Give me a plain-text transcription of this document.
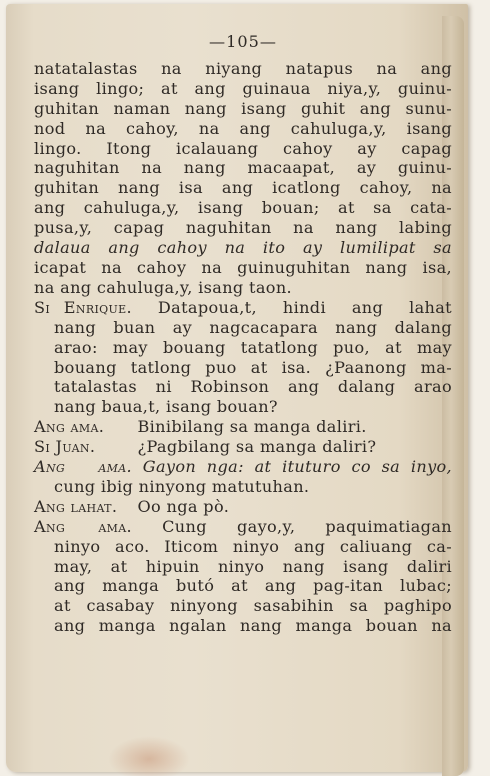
—105—
natatalastas na niyang natapus na ang
isang lingo; at ang guinaua niya,y, guinu-
guhitan naman nang isang guhit ang sunu-
nod na cahoy, na ang cahuluga,y, isang
lingo. Itong icalauang cahoy ay capag
naguhitan na nang macaapat, ay guinu-
guhitan nang isa ang icatlong cahoy, na
ang cahuluga,y, isang bouan; at sa cata-
pusa,y, capag naguhitan na nang labing
dalaua ang cahoy na ito ay lumilipat sa
icapat na cahoy na guinuguhitan nang isa,
na ang cahuluga,y, isang taon.
Si Enrique. Datapoua,t, hindi ang lahat
nang buan ay nagcacapara nang dalang
arao: may bouang tatatlong puo, at may
bouang tatlong puo at isa. ¿Paanong ma-
tatalastas ni Robinson ang dalang arao
nang baua,t, isang bouan?
Ang ama. Binibilang sa manga daliri.
Si Juan.	¿Pagbilang sa manga daliri?
Ang ama. Gayon nga: at ituturo co sa inyo,
cung ibig ninyong matutuhan.
Ang lahat. Oo nga pò.
Ang ama. Cung gayo,y, paquimatiagan
ninyo aco. Iticom ninyo ang caliuang ca-
may, at hipuin ninyo nang isang daliri
ang manga butó at ang pag-itan lubac;
at casabay ninyong sasabihin sa paghipo
ang manga ngalan nang manga bouan na
